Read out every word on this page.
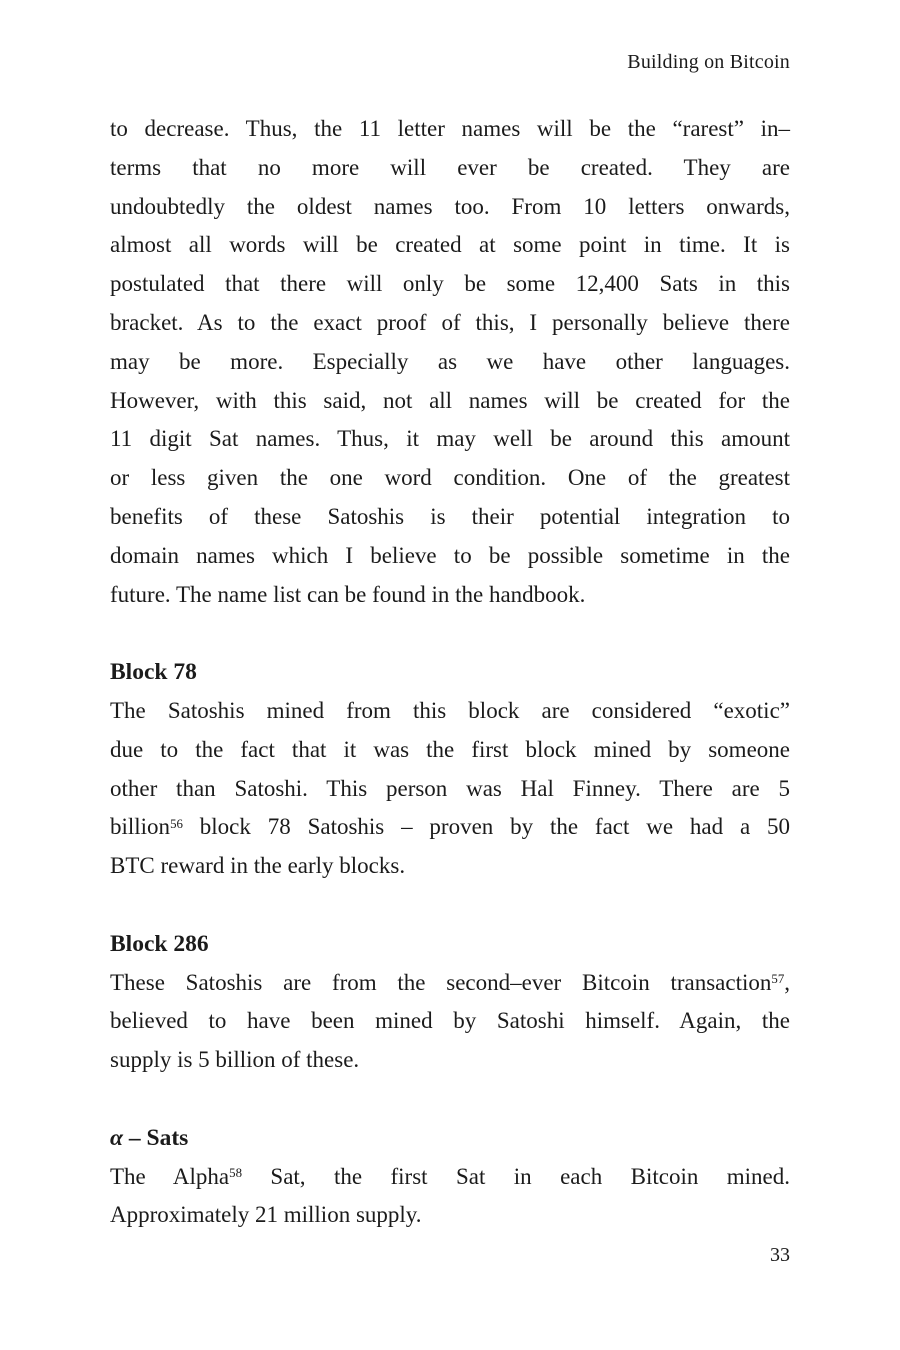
Building on Bitcoin
to decrease. Thus, the 11 letter names will be the “rarest” in–
terms that no more will ever be created. They are
undoubtedly the oldest names too. From 10 letters onwards,
almost all words will be created at some point in time. It is
postulated that there will only be some 12,400 Sats in this
bracket. As to the exact proof of this, I personally believe there
may be more. Especially as we have other languages.
However, with this said, not all names will be created for the
11 digit Sat names. Thus, it may well be around this amount
or less given the one word condition. One of the greatest
benefits of these Satoshis is their potential integration to
domain names which I believe to be possible sometime in the
future. The name list can be found in the handbook.
Block 78
The Satoshis mined from this block are considered “exotic”
due to the fact that it was the first block mined by someone
other than Satoshi. This person was Hal Finney. There are 5
billion$^{56}$ block 78 Satoshis – proven by the fact we had a 50
BTC reward in the early blocks.
Block 286
These Satoshis are from the second–ever Bitcoin transaction$^{57}$,
believed to have been mined by Satoshi himself. Again, the
supply is 5 billion of these.
α – Sats
The Alpha$^{58}$ Sat, the first Sat in each Bitcoin mined.
Approximately 21 million supply.
33
